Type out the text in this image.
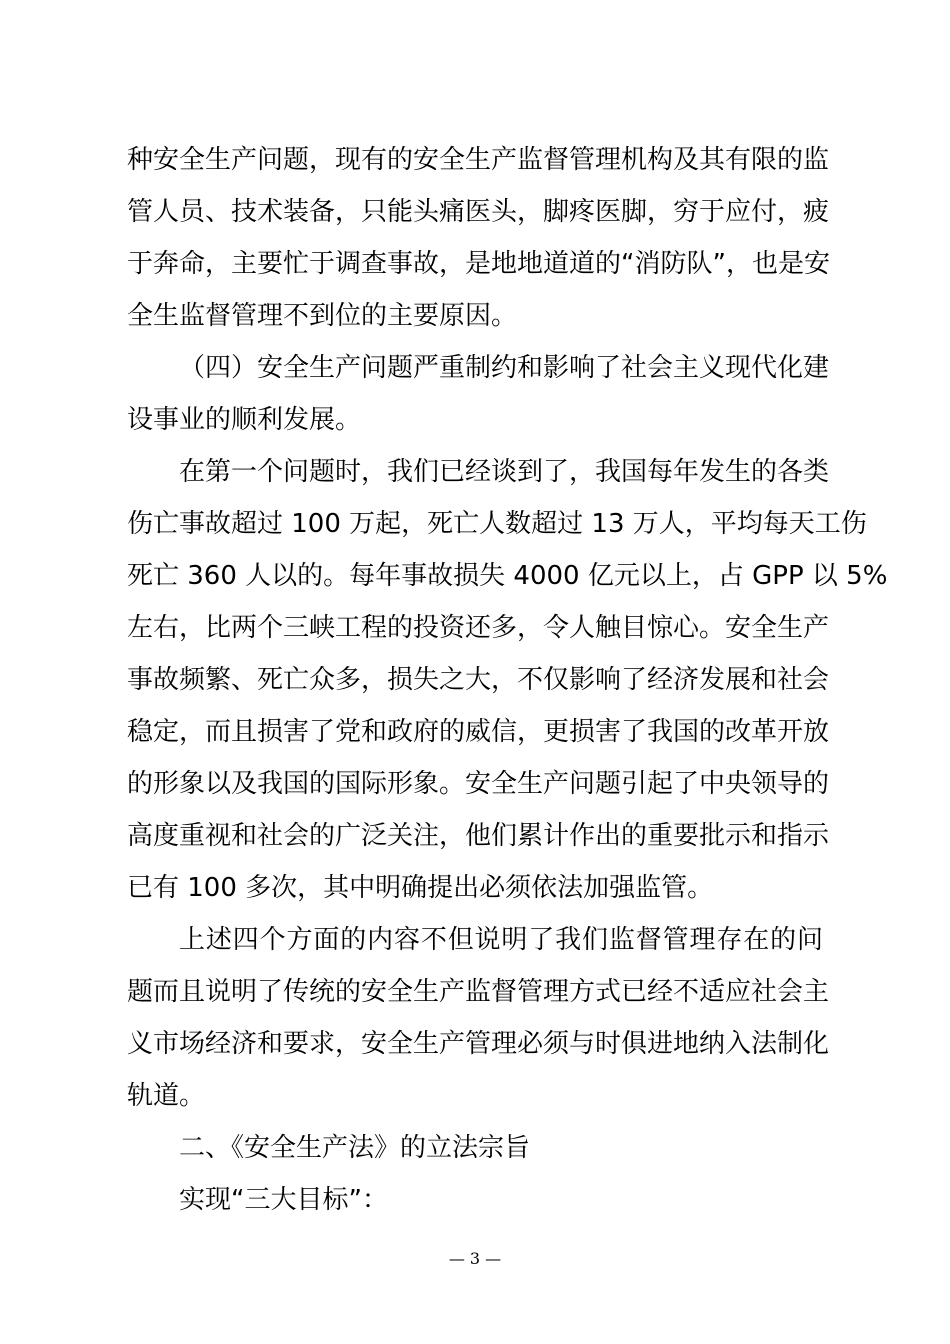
种安全生产问题，现有的安全生产监督管理机构及其有限的监
管人员、技术装备，只能头痛医头，脚疼医脚，穷于应付，疲
于奔命，主要忙于调查事故，是地地道道的“消防队”，也是安
全生监督管理不到位的主要原因。
（四）安全生产问题严重制约和影响了社会主义现代化建
设事业的顺利发展。
在第一个问题时，我们已经谈到了，我国每年发生的各类
伤亡事故超过 100 万起，死亡人数超过 13 万人，平均每天工伤
死亡 360 人以的。每年事故损失 4000 亿元以上，占 GPP 以 5%
左右，比两个三峡工程的投资还多，令人触目惊心。安全生产
事故频繁、死亡众多，损失之大，不仅影响了经济发展和社会
稳定，而且损害了党和政府的威信，更损害了我国的改革开放
的形象以及我国的国际形象。安全生产问题引起了中央领导的
高度重视和社会的广泛关注，他们累计作出的重要批示和指示
已有 100 多次，其中明确提出必须依法加强监管。
上述四个方面的内容不但说明了我们监督管理存在的问
题而且说明了传统的安全生产监督管理方式已经不适应社会主
义市场经济和要求，安全生产管理必须与时俱进地纳入法制化
轨道。
二、《安全生产法》的立法宗旨
实现“三大目标”：
— 3 —
